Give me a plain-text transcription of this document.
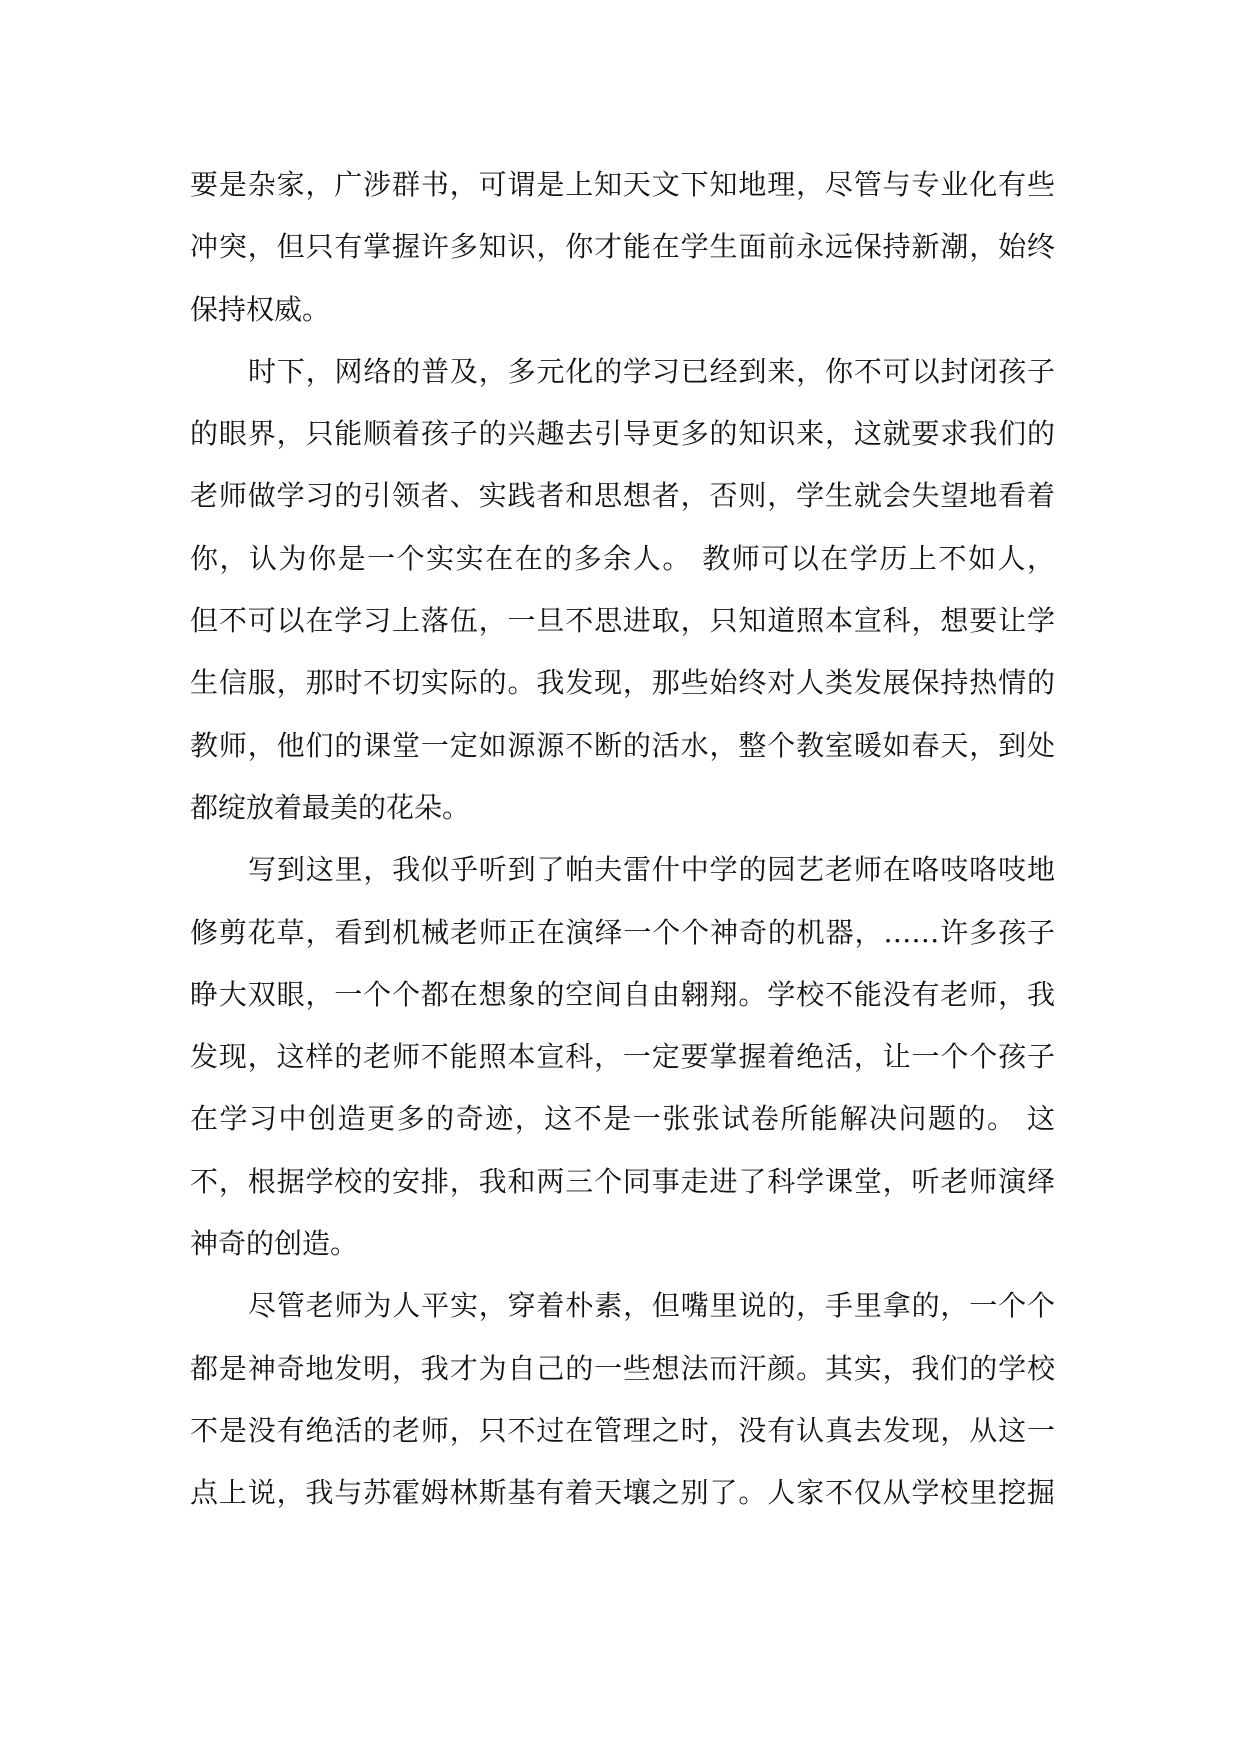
要是杂家，广涉群书，可谓是上知天文下知地理，尽管与专业化有些
冲突，但只有掌握许多知识，你才能在学生面前永远保持新潮，始终
保持权威。
时下，网络的普及，多元化的学习已经到来，你不可以封闭孩子
的眼界，只能顺着孩子的兴趣去引导更多的知识来，这就要求我们的
老师做学习的引领者、实践者和思想者，否则，学生就会失望地看着
你，认为你是一个实实在在的多余人。 教师可以在学历上不如人，
但不可以在学习上落伍，一旦不思进取，只知道照本宣科，想要让学
生信服，那时不切实际的。我发现，那些始终对人类发展保持热情的
教师，他们的课堂一定如源源不断的活水，整个教室暖如春天，到处
都绽放着最美的花朵。
写到这里，我似乎听到了帕夫雷什中学的园艺老师在咯吱咯吱地
修剪花草，看到机械老师正在演绎一个个神奇的机器，……许多孩子
睁大双眼，一个个都在想象的空间自由翱翔。学校不能没有老师，我
发现，这样的老师不能照本宣科，一定要掌握着绝活，让一个个孩子
在学习中创造更多的奇迹，这不是一张张试卷所能解决问题的。 这
不，根据学校的安排，我和两三个同事走进了科学课堂，听老师演绎
神奇的创造。
尽管老师为人平实，穿着朴素，但嘴里说的，手里拿的，一个个
都是神奇地发明，我才为自己的一些想法而汗颜。其实，我们的学校
不是没有绝活的老师，只不过在管理之时，没有认真去发现，从这一
点上说，我与苏霍姆林斯基有着天壤之别了。人家不仅从学校里挖掘
